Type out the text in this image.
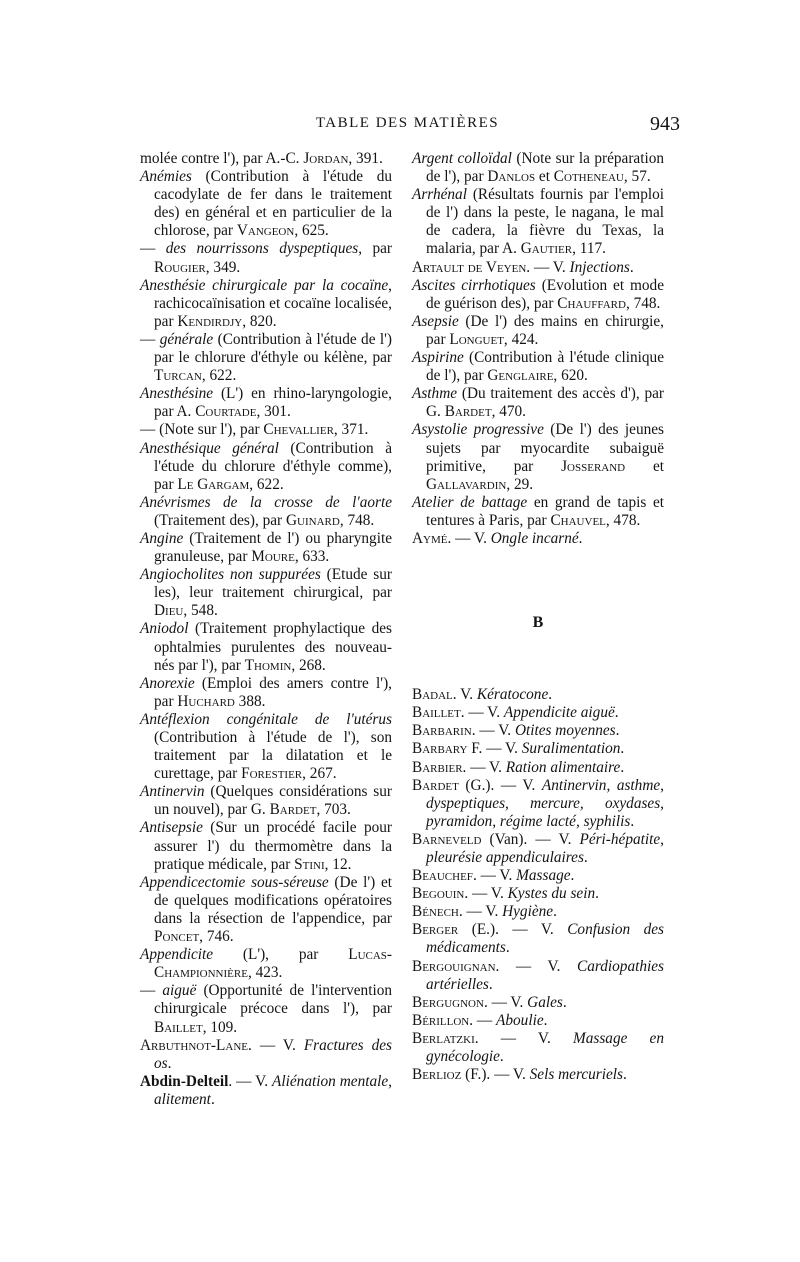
TABLE DES MATIÈRES	943

molée contre l'), par A.-C. Jordan, 391.

Anémies (Contribution à l'étude du cacodylate de fer dans le traitement des) en général et en particulier de la chlorose, par Vangeon, 625.

— des nourrissons dyspeptiques, par Rougier, 349.

Anesthésie chirurgicale par la cocaïne, rachicocaïnisation et cocaïne localisée, par Kendirdjy, 820.

— générale (Contribution à l'étude de l') par le chlorure d'éthyle ou kélène, par Turcan, 622.

Anesthésine (L') en rhino-laryngologie, par A. Courtade, 301.

— (Note sur l'), par Chevallier, 371.

Anesthésique général (Contribution à l'étude du chlorure d'éthyle comme), par Le Gargam, 622.

Anévrismes de la crosse de l'aorte (Traitement des), par Guinard, 748.

Angine (Traitement de l') ou pharyngite granuleuse, par Moure, 633.

Angiocholites non suppurées (Etude sur les), leur traitement chirurgical, par Dieu, 548.

Aniodol (Traitement prophylactique des ophtalmies purulentes des nouveau-nés par l'), par Thomin, 268.

Anorexie (Emploi des amers contre l'), par Huchard 388.

Antéflexion congénitale de l'utérus (Contribution à l'étude de l'), son traitement par la dilatation et le curettage, par Forestier, 267.

Antinervin (Quelques considérations sur un nouvel), par G. Bardet, 703.

Antisepsie (Sur un procédé facile pour assurer l') du thermomètre dans la pratique médicale, par Stini, 12.

Appendicectomie sous-séreuse (De l') et de quelques modifications opératoires dans la résection de l'appendice, par Poncet, 746.

Appendicite (L'), par Lucas-Championnière, 423.

— aiguë (Opportunité de l'intervention chirurgicale précoce dans l'), par Baillet, 109.

Arbuthnot-Lane. — V. Fractures des os.

Abdin-Delteil. — V. Aliénation mentale, alitement.

Argent colloïdal (Note sur la préparation de l'), par Danlos et Cotheneau, 57.

Arrhénal (Résultats fournis par l'emploi de l') dans la peste, le nagana, le mal de cadera, la fièvre du Texas, la malaria, par A. Gautier, 117.

Artault de Veyen. — V. Injections.

Ascites cirrhotiques (Evolution et mode de guérison des), par Chauffard, 748.

Asepsie (De l') des mains en chirurgie, par Longuet, 424.

Aspirine (Contribution à l'étude clinique de l'), par Genglaire, 620.

Asthme (Du traitement des accès d'), par G. Bardet, 470.

Asystolie progressive (De l') des jeunes sujets par myocardite subaiguë primitive, par Josserand et Gallavardin, 29.

Atelier de battage en grand de tapis et tentures à Paris, par Chauvel, 478.

Aymé. — V. Ongle incarné.

B

Badal. V. Kératocone.

Baillet. — V. Appendicite aiguë.

Barbarin. — V. Otites moyennes.

Barbary F. — V. Suralimentation.

Barbier. — V. Ration alimentaire.

Bardet (G.). — V. Antinervin, asthme, dyspeptiques, mercure, oxydases, pyramidon, régime lacté, syphilis.

Barneveld (Van). — V. Péri-hépatite, pleurésie appendiculaires.

Beauchef. — V. Massage.

Begouin. — V. Kystes du sein.

Bénech. — V. Hygiène.

Berger (E.). — V. Confusion des médicaments.

Bergouignan. — V. Cardiopathies artérielles.

Bergugnon. — V. Gales.

Bérillon. — Aboulie.

Berlatzki. — V. Massage en gynécologie.

Berlioz (F.). — V. Sels mercuriels.
